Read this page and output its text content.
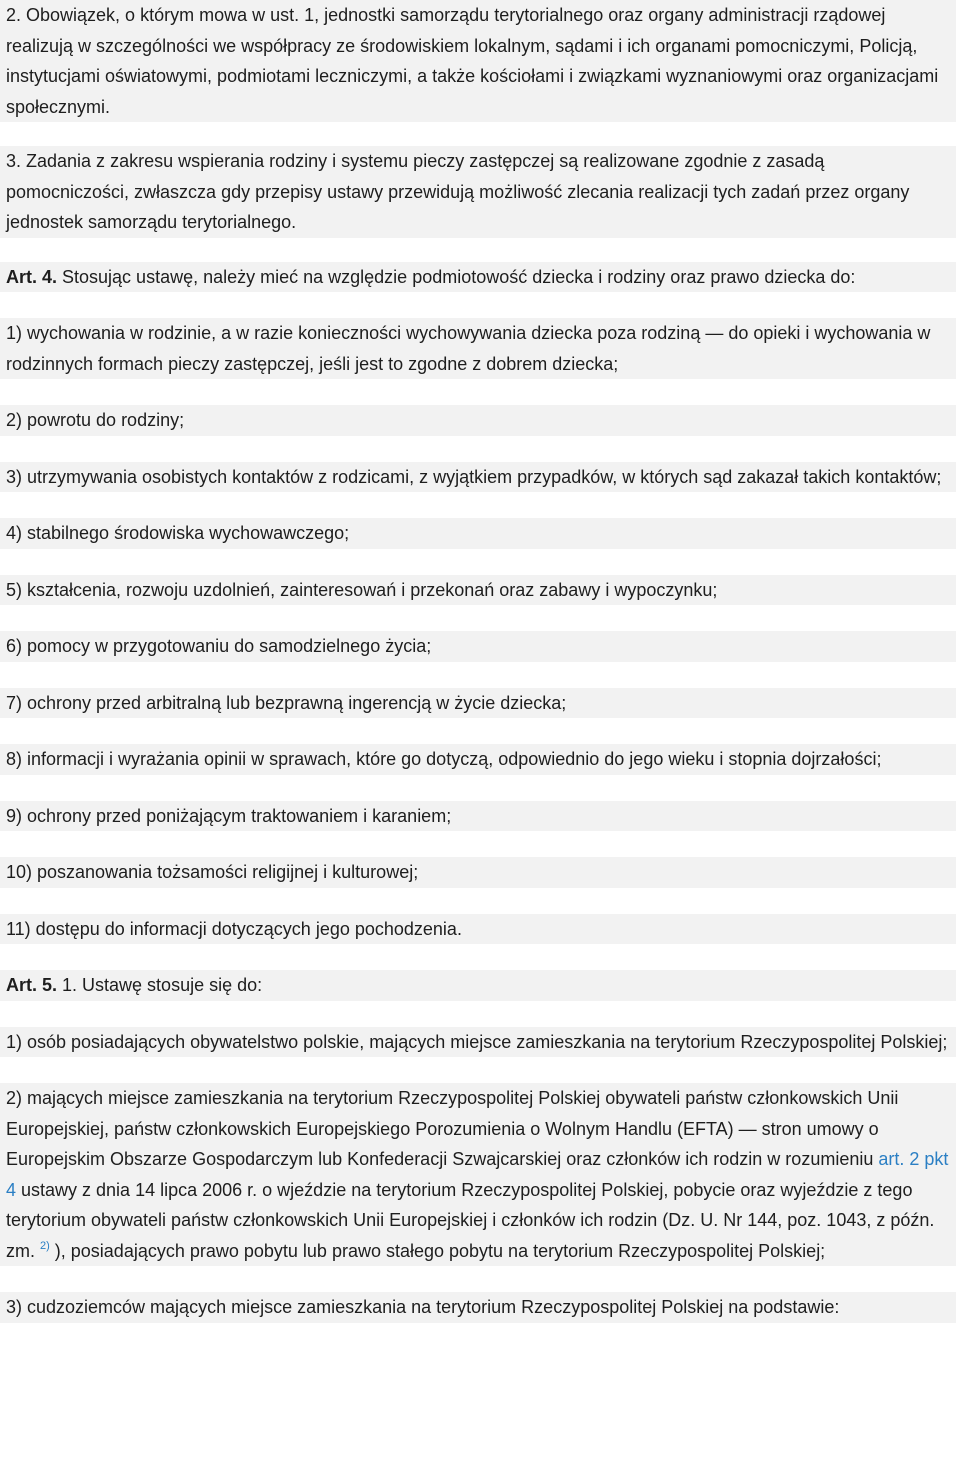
2. Obowiązek, o którym mowa w ust. 1, jednostki samorządu terytorialnego oraz organy administracji rządowej realizują w szczególności we współpracy ze środowiskiem lokalnym, sądami i ich organami pomocniczymi, Policją, instytucjami oświatowymi, podmiotami leczniczymi, a także kościołami i związkami wyznaniowymi oraz organizacjami społecznymi.

3. Zadania z zakresu wspierania rodziny i systemu pieczy zastępczej są realizowane zgodnie z zasadą pomocniczości, zwłaszcza gdy przepisy ustawy przewidują możliwość zlecania realizacji tych zadań przez organy jednostek samorządu terytorialnego.

Art. 4. Stosując ustawę, należy mieć na względzie podmiotowość dziecka i rodziny oraz prawo dziecka do:

1) wychowania w rodzinie, a w razie konieczności wychowywania dziecka poza rodziną — do opieki i wychowania w rodzinnych formach pieczy zastępczej, jeśli jest to zgodne z dobrem dziecka;

2) powrotu do rodziny;

3) utrzymywania osobistych kontaktów z rodzicami, z wyjątkiem przypadków, w których sąd zakazał takich kontaktów;

4) stabilnego środowiska wychowawczego;

5) kształcenia, rozwoju uzdolnień, zainteresowań i przekonań oraz zabawy i wypoczynku;

6) pomocy w przygotowaniu do samodzielnego życia;

7) ochrony przed arbitralną lub bezprawną ingerencją w życie dziecka;

8) informacji i wyrażania opinii w sprawach, które go dotyczą, odpowiednio do jego wieku i stopnia dojrzałości;

9) ochrony przed poniżającym traktowaniem i karaniem;

10) poszanowania tożsamości religijnej i kulturowej;

11) dostępu do informacji dotyczących jego pochodzenia.

Art. 5. 1. Ustawę stosuje się do:

1) osób posiadających obywatelstwo polskie, mających miejsce zamieszkania na terytorium Rzeczypospolitej Polskiej;

2) mających miejsce zamieszkania na terytorium Rzeczypospolitej Polskiej obywateli państw członkowskich Unii Europejskiej, państw członkowskich Europejskiego Porozumienia o Wolnym Handlu (EFTA) — stron umowy o Europejskim Obszarze Gospodarczym lub Konfederacji Szwajcarskiej oraz członków ich rodzin w rozumieniu art. 2 pkt 4 ustawy z dnia 14 lipca 2006 r. o wjeździe na terytorium Rzeczypospolitej Polskiej, pobycie oraz wyjeździe z tego terytorium obywateli państw członkowskich Unii Europejskiej i członków ich rodzin (Dz. U. Nr 144, poz. 1043, z późn. zm. $^{2)}$ ), posiadających prawo pobytu lub prawo stałego pobytu na terytorium Rzeczypospolitej Polskiej;

3) cudzoziemców mających miejsce zamieszkania na terytorium Rzeczypospolitej Polskiej na podstawie:
